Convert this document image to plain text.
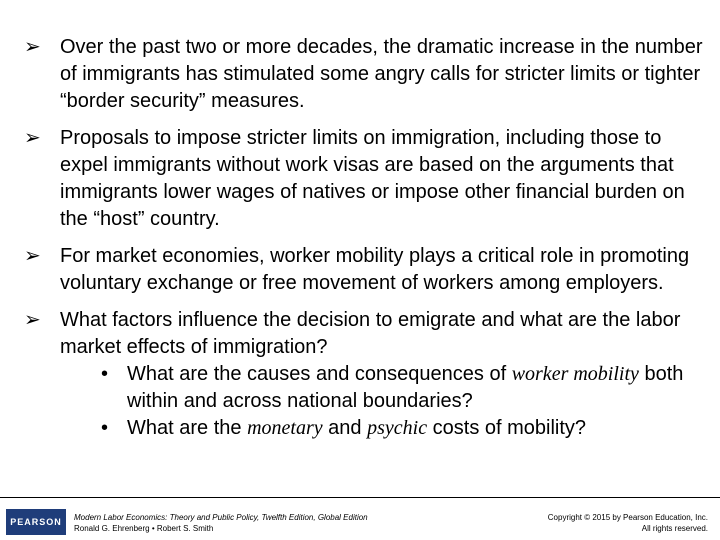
➢ Over the past two or more decades, the dramatic increase in the number of immigrants has stimulated some angry calls for stricter limits or tighter “border security” measures.
➢ Proposals to impose stricter limits on immigration, including those to expel immigrants without work visas are based on the arguments that immigrants lower wages of natives or impose other financial burden on the “host” country.
➢ For market economies, worker mobility plays a critical role in promoting voluntary exchange or free movement of workers among employers.
➢ What factors influence the decision to emigrate and what are the labor market effects of immigration?
• What are the causes and consequences of worker mobility both within and across national boundaries?
• What are the monetary and psychic costs of mobility?
PEARSON	Modern Labor Economics: Theory and Public Policy, Twelfth Edition, Global Edition
Ronald G. Ehrenberg • Robert S. Smith
Copyright © 2015 by Pearson Education, Inc.
All rights reserved.
